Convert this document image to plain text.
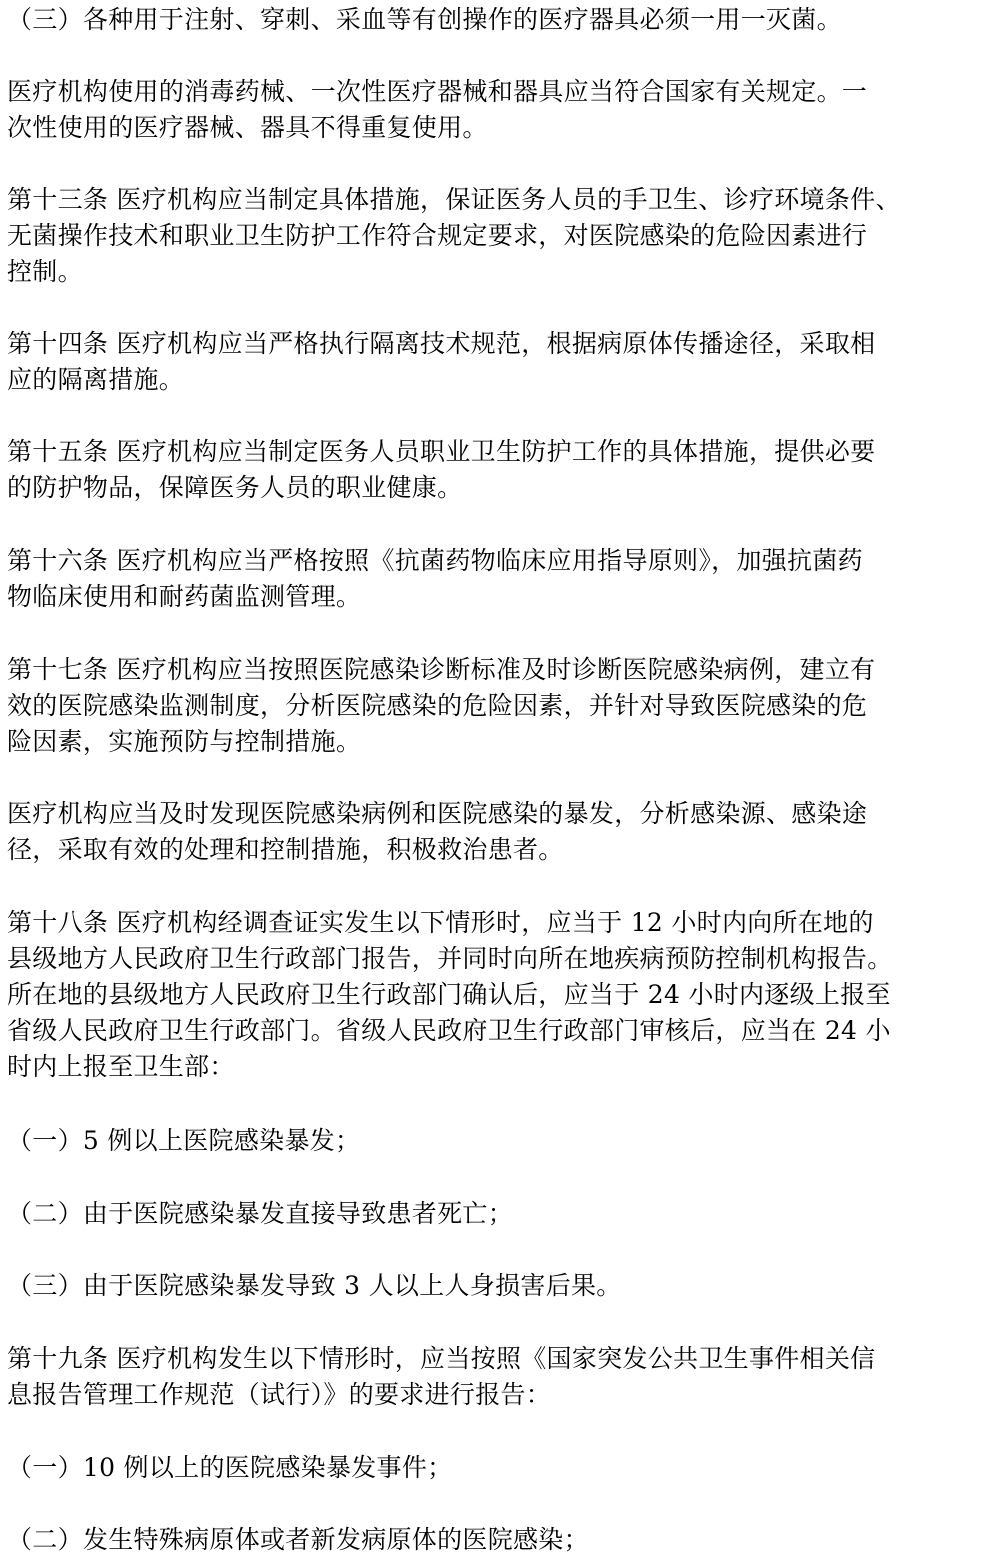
（三）各种用于注射、穿刺、采血等有创操作的医疗器具必须一用一灭菌。

医疗机构使用的消毒药械、一次性医疗器械和器具应当符合国家有关规定。一
次性使用的医疗器械、器具不得重复使用。

第十三条 医疗机构应当制定具体措施，保证医务人员的手卫生、诊疗环境条件、
无菌操作技术和职业卫生防护工作符合规定要求，对医院感染的危险因素进行
控制。

第十四条 医疗机构应当严格执行隔离技术规范，根据病原体传播途径，采取相
应的隔离措施。

第十五条 医疗机构应当制定医务人员职业卫生防护工作的具体措施，提供必要
的防护物品，保障医务人员的职业健康。

第十六条 医疗机构应当严格按照《抗菌药物临床应用指导原则》，加强抗菌药
物临床使用和耐药菌监测管理。

第十七条 医疗机构应当按照医院感染诊断标准及时诊断医院感染病例，建立有
效的医院感染监测制度，分析医院感染的危险因素，并针对导致医院感染的危
险因素，实施预防与控制措施。

医疗机构应当及时发现医院感染病例和医院感染的暴发，分析感染源、感染途
径，采取有效的处理和控制措施，积极救治患者。

第十八条 医疗机构经调查证实发生以下情形时，应当于 12 小时内向所在地的
县级地方人民政府卫生行政部门报告，并同时向所在地疾病预防控制机构报告。
所在地的县级地方人民政府卫生行政部门确认后，应当于 24 小时内逐级上报至
省级人民政府卫生行政部门。省级人民政府卫生行政部门审核后，应当在 24 小
时内上报至卫生部：

（一）5 例以上医院感染暴发；

（二）由于医院感染暴发直接导致患者死亡；

（三）由于医院感染暴发导致 3 人以上人身损害后果。

第十九条 医疗机构发生以下情形时，应当按照《国家突发公共卫生事件相关信
息报告管理工作规范（试行）》的要求进行报告：

（一）10 例以上的医院感染暴发事件；

（二）发生特殊病原体或者新发病原体的医院感染；
